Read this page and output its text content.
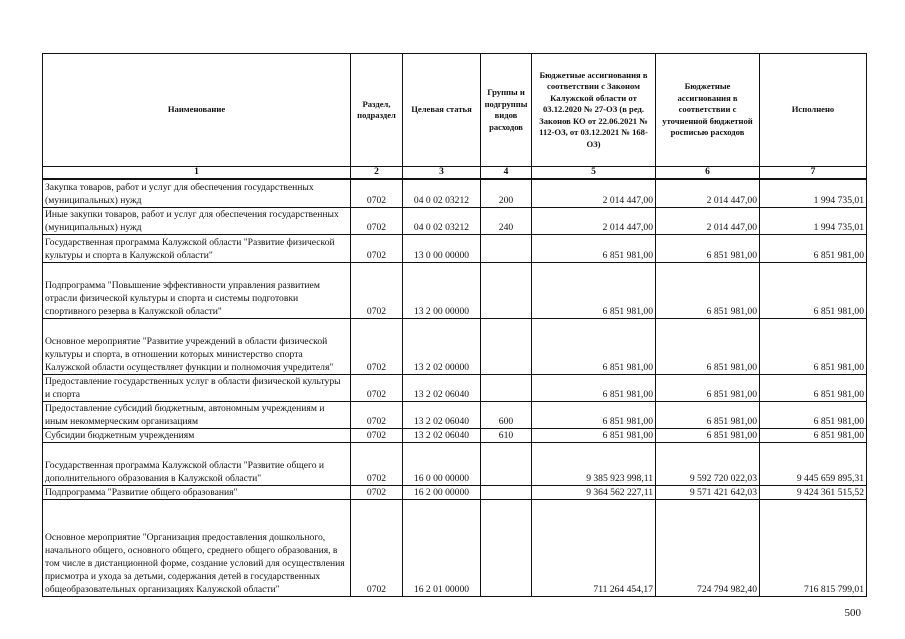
Наименование	Раздел, подраздел	Целевая статья	Группы и подгруппы видов расходов	Бюджетные ассигнования в соответствии с Законом Калужской области от 03.12.2020 № 27-ОЗ (в ред. Законов КО от 22.06.2021 № 112-ОЗ, от 03.12.2021 № 168-ОЗ)	Бюджетные ассигнования в соответствии с уточненной бюджетной росписью расходов	Исполнено
1	2	3	4	5	6	7
Закупка товаров, работ и услуг для обеспечения государственных (муниципальных) нужд	0702	04 0 02 03212	200	2 014 447,00	2 014 447,00	1 994 735,01
Иные закупки товаров, работ и услуг для обеспечения государственных (муниципальных) нужд	0702	04 0 02 03212	240	2 014 447,00	2 014 447,00	1 994 735,01
Государственная программа Калужской области "Развитие физической культуры и спорта в Калужской области"	0702	13 0 00 00000		6 851 981,00	6 851 981,00	6 851 981,00
Подпрограмма "Повышение эффективности управления развитием отрасли физической культуры и спорта и системы подготовки спортивного резерва в Калужской области"	0702	13 2 00 00000		6 851 981,00	6 851 981,00	6 851 981,00
Основное мероприятие "Развитие учреждений в области физической культуры и спорта, в отношении которых министерство спорта Калужской области осуществляет функции и полномочия учредителя"	0702	13 2 02 00000		6 851 981,00	6 851 981,00	6 851 981,00
Предоставление государственных услуг в области физической культуры и спорта	0702	13 2 02 06040		6 851 981,00	6 851 981,00	6 851 981,00
Предоставление субсидий бюджетным, автономным учреждениям и иным некоммерческим организациям	0702	13 2 02 06040	600	6 851 981,00	6 851 981,00	6 851 981,00
Субсидии бюджетным учреждениям	0702	13 2 02 06040	610	6 851 981,00	6 851 981,00	6 851 981,00
Государственная программа Калужской области "Развитие общего и дополнительного образования в Калужской области"	0702	16 0 00 00000		9 385 923 998,11	9 592 720 022,03	9 445 659 895,31
Подпрограмма "Развитие общего образования"	0702	16 2 00 00000		9 364 562 227,11	9 571 421 642,03	9 424 361 515,52
Основное мероприятие "Организация предоставления дошкольного, начального общего, основного общего, среднего общего образования, в том числе в дистанционной форме, создание условий для осуществления присмотра и ухода за детьми, содержания детей в государственных общеобразовательных организациях Калужской области"	0702	16 2 01 00000		711 264 454,17	724 794 982,40	716 815 799,01
500
